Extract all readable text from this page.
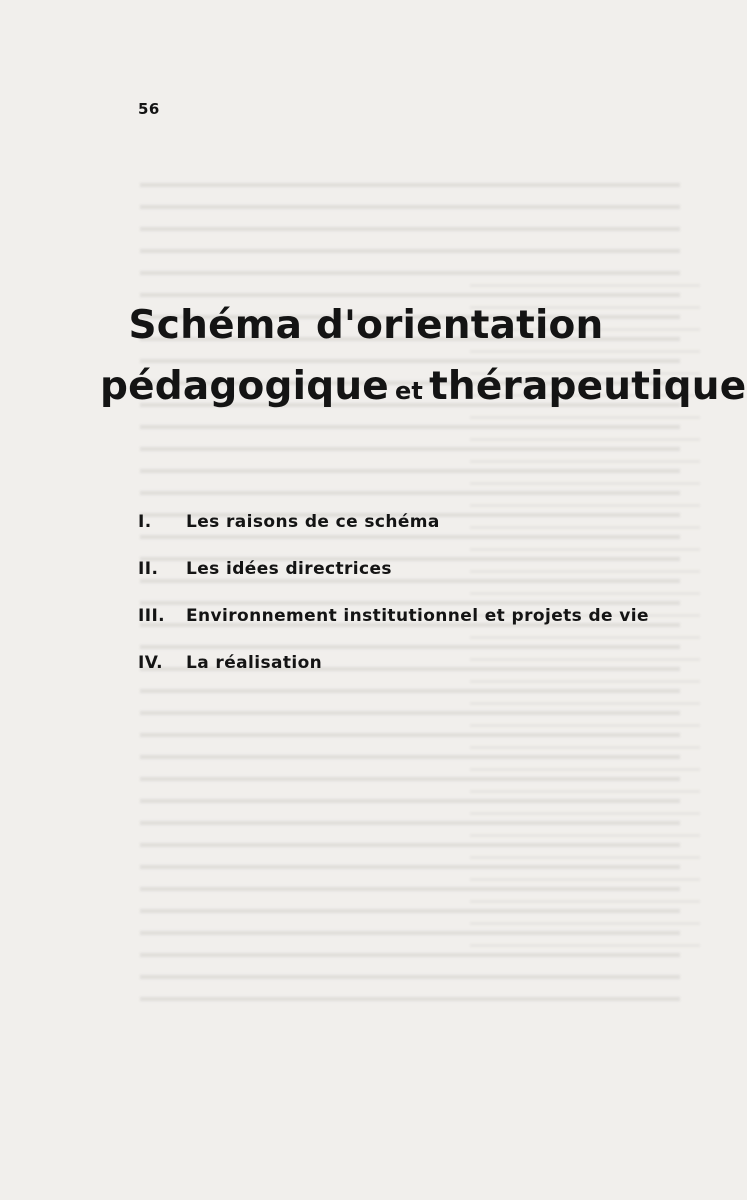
56
Schéma d'orientation
pédagogique et thérapeutique
I.	Les raisons de ce schéma
II.	Les idées directrices
III.	Environnement institutionnel et projets de vie
IV.	La réalisation
